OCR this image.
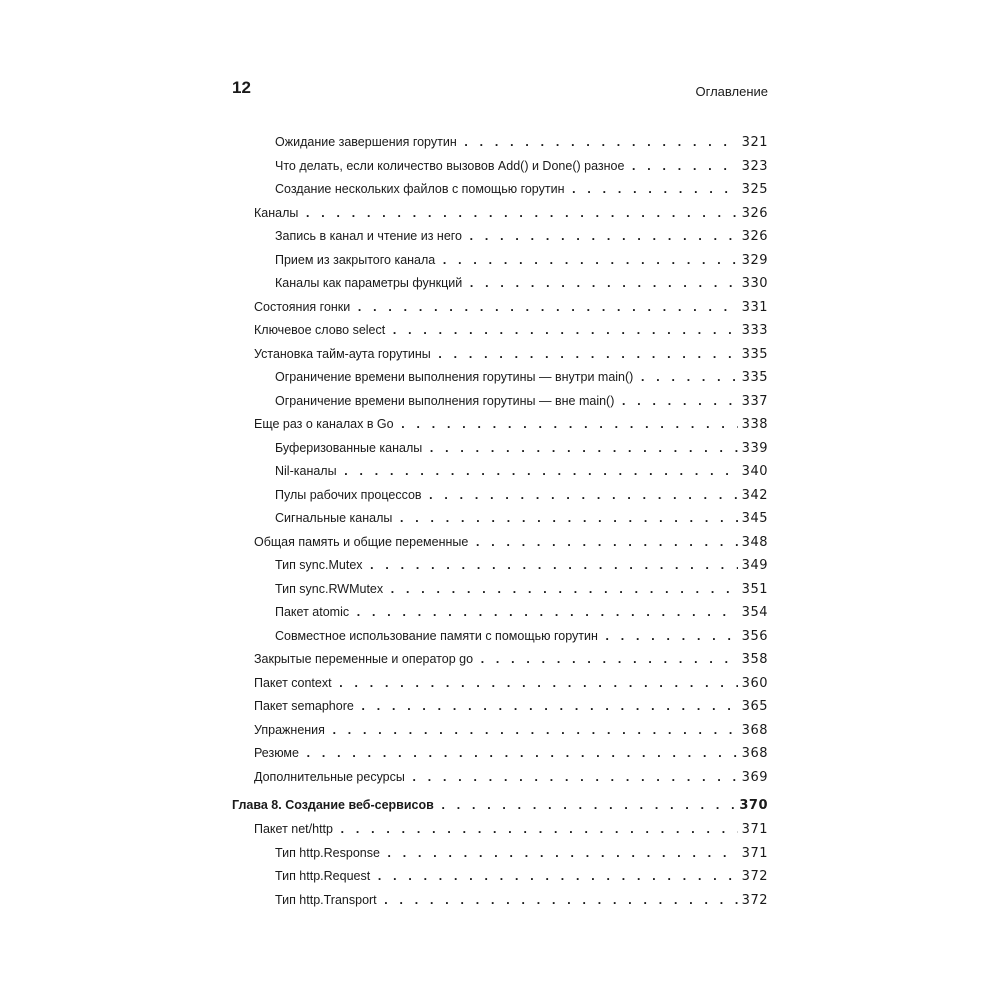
12	Оглавление
Ожидание завершения горутин . . .	321
Что делать, если количество вызовов Add() и Done() разное . . .	323
Создание нескольких файлов с помощью горутин . . .	325
Каналы . . .	326
Запись в канал и чтение из него . . .	326
Прием из закрытого канала . . .	329
Каналы как параметры функций . . .	330
Состояния гонки . . .	331
Ключевое слово select . . .	333
Установка тайм-аута горутины . . .	335
Ограничение времени выполнения горутины — внутри main() . . .	335
Ограничение времени выполнения горутины — вне main() . . .	337
Еще раз о каналах в Go . . .	338
Буферизованные каналы . . .	339
Nil-каналы . . .	340
Пулы рабочих процессов . . .	342
Сигнальные каналы . . .	345
Общая память и общие переменные . . .	348
Тип sync.Mutex . . .	349
Тип sync.RWMutex . . .	351
Пакет atomic . . .	354
Совместное использование памяти с помощью горутин . . .	356
Закрытые переменные и оператор go . . .	358
Пакет context . . .	360
Пакет semaphore . . .	365
Упражнения . . .	368
Резюме . . .	368
Дополнительные ресурсы . . .	369
Глава 8. Создание веб-сервисов . . .	370
Пакет net/http . . .	371
Тип http.Response . . .	371
Тип http.Request . . .	372
Тип http.Transport . . .	372
